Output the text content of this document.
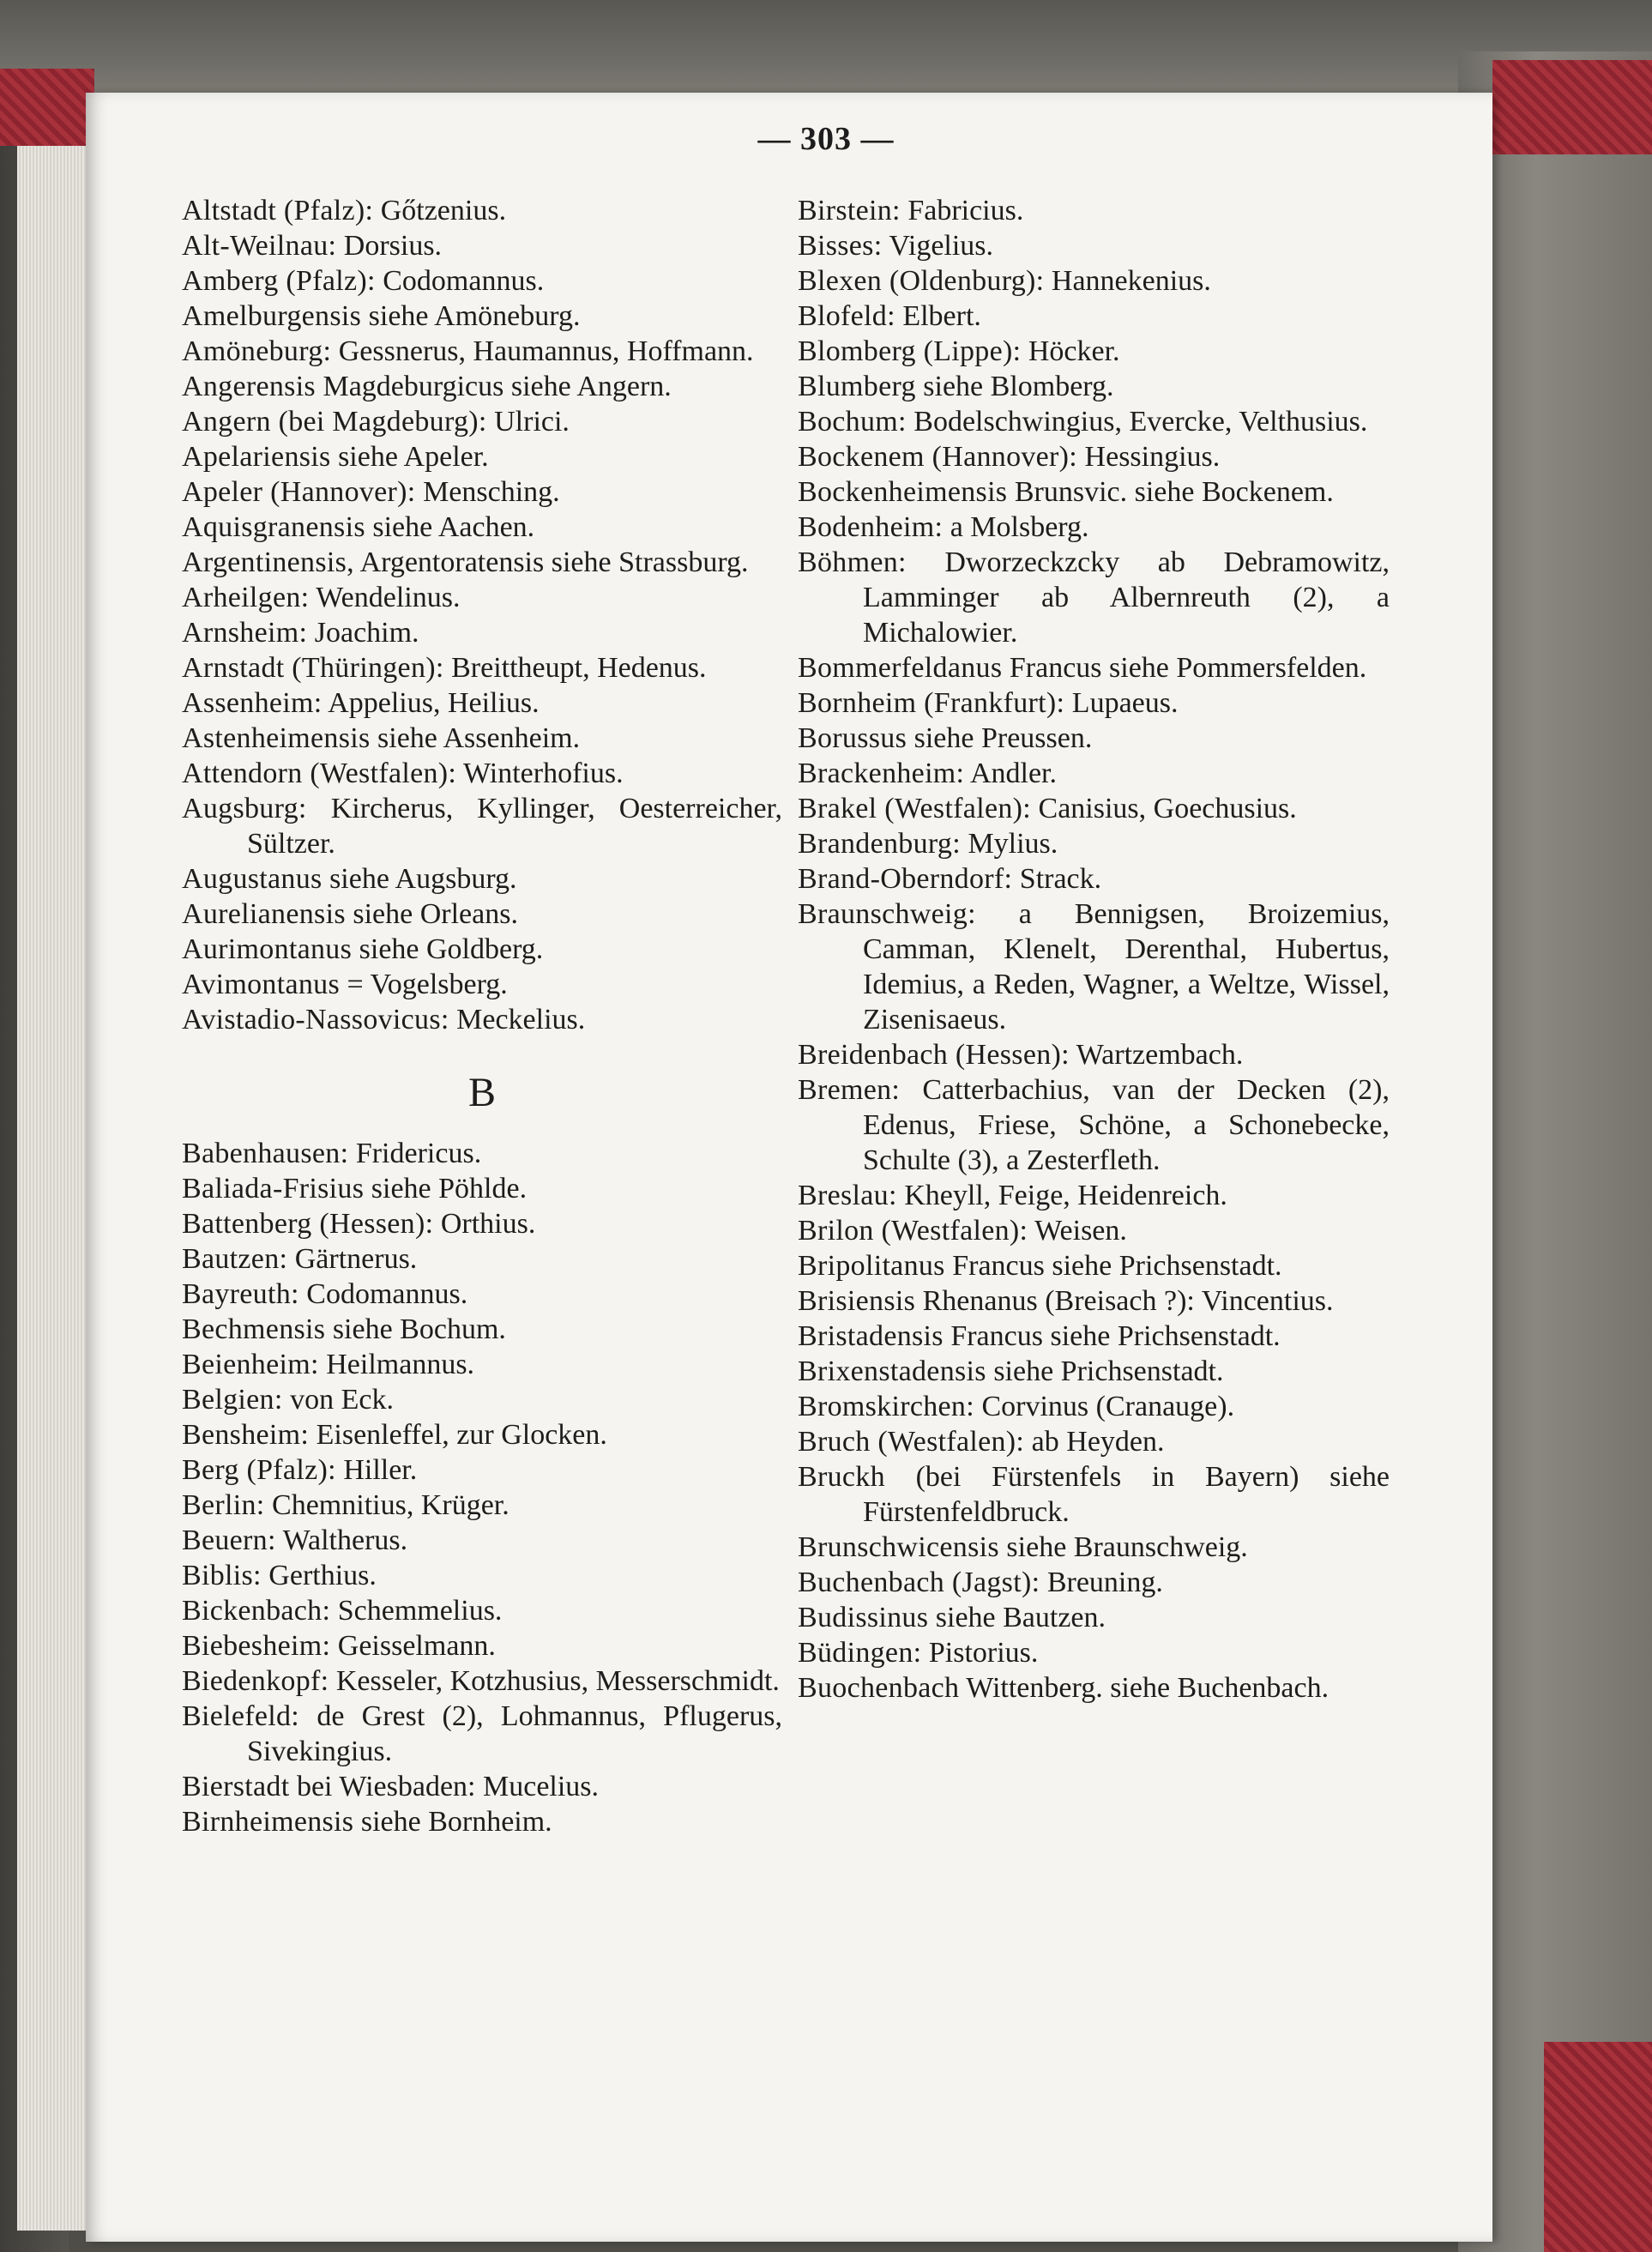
— 303 —

Altstadt (Pfalz): Gőtzenius.

Alt-Weilnau: Dorsius.

Amberg (Pfalz): Codomannus.

Amelburgensis siehe Amöneburg.

Amöneburg: Gessnerus, Haumannus, Hoffmann.

Angerensis Magdeburgicus siehe Angern.

Angern (bei Magdeburg): Ulrici.

Apelariensis siehe Apeler.

Apeler (Hannover): Mensching.

Aquisgranensis siehe Aachen.

Argentinensis, Argentoratensis siehe Strassburg.

Arheilgen: Wendelinus.

Arnsheim: Joachim.

Arnstadt (Thüringen): Breittheupt, Hedenus.

Assenheim: Appelius, Heilius.

Astenheimensis siehe Assenheim.

Attendorn (Westfalen): Winterhofius.

Augsburg: Kircherus, Kyllinger, Oesterreicher, Sültzer.

Augustanus siehe Augsburg.

Aurelianensis siehe Orleans.

Aurimontanus siehe Goldberg.

Avimontanus = Vogelsberg.

Avistadio-Nassovicus: Meckelius.

B

Babenhausen: Fridericus.

Baliada-Frisius siehe Pöhlde.

Battenberg (Hessen): Orthius.

Bautzen: Gärtnerus.

Bayreuth: Codomannus.

Bechmensis siehe Bochum.

Beienheim: Heilmannus.

Belgien: von Eck.

Bensheim: Eisenleffel, zur Glocken.

Berg (Pfalz): Hiller.

Berlin: Chemnitius, Krüger.

Beuern: Waltherus.

Biblis: Gerthius.

Bickenbach: Schemmelius.

Biebesheim: Geisselmann.

Biedenkopf: Kesseler, Kotzhusius, Messerschmidt.

Bielefeld: de Grest (2), Lohmannus, Pflugerus, Sivekingius.

Bierstadt bei Wiesbaden: Mucelius.

Birnheimensis siehe Bornheim.

Birstein: Fabricius.

Bisses: Vigelius.

Blexen (Oldenburg): Hannekenius.

Blofeld: Elbert.

Blomberg (Lippe): Höcker.

Blumberg siehe Blomberg.

Bochum: Bodelschwingius, Evercke, Velthusius.

Bockenem (Hannover): Hessingius.

Bockenheimensis Brunsvic. siehe Bockenem.

Bodenheim: a Molsberg.

Böhmen: Dworzeckzcky ab Debramowitz, Lamminger ab Albernreuth (2), a Michalowier.

Bommerfeldanus Francus siehe Pommersfelden.

Bornheim (Frankfurt): Lupaeus.

Borussus siehe Preussen.

Brackenheim: Andler.

Brakel (Westfalen): Canisius, Goechusius.

Brandenburg: Mylius.

Brand-Oberndorf: Strack.

Braunschweig: a Bennigsen, Broizemius, Camman, Klenelt, Derenthal, Hubertus, Idemius, a Reden, Wagner, a Weltze, Wissel, Zisenisaeus.

Breidenbach (Hessen): Wartzembach.

Bremen: Catterbachius, van der Decken (2), Edenus, Friese, Schöne, a Schonebecke, Schulte (3), a Zesterfleth.

Breslau: Kheyll, Feige, Heidenreich.

Brilon (Westfalen): Weisen.

Bripolitanus Francus siehe Prichsenstadt.

Brisiensis Rhenanus (Breisach ?): Vincentius.

Bristadensis Francus siehe Prichsenstadt.

Brixenstadensis siehe Prichsenstadt.

Bromskirchen: Corvinus (Cranauge).

Bruch (Westfalen): ab Heyden.

Bruckh (bei Fürstenfels in Bayern) siehe Fürstenfeldbruck.

Brunschwicensis siehe Braunschweig.

Buchenbach (Jagst): Breuning.

Budissinus siehe Bautzen.

Büdingen: Pistorius.

Buochenbach Wittenberg. siehe Buchenbach.
